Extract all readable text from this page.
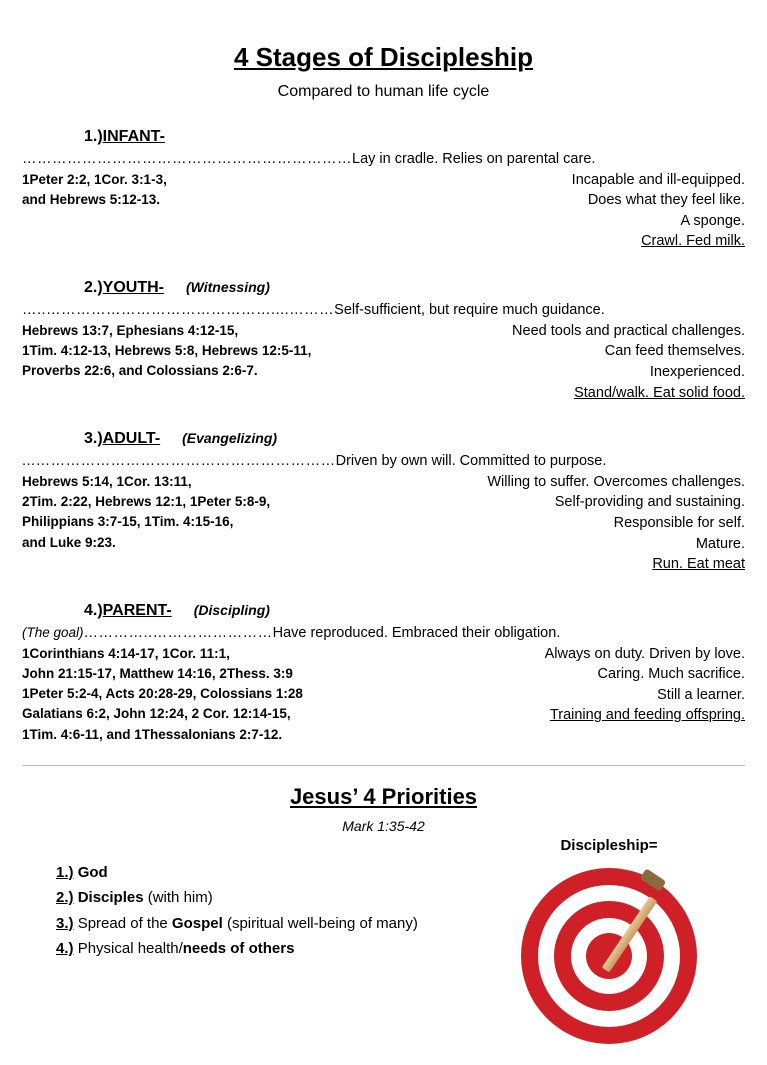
4 Stages of Discipleship
Compared to human life cycle
1.)INFANT-
…………………………………………………………Lay in cradle. Relies on parental care.
1Peter 2:2, 1Cor. 3:1-3,
and Hebrews 5:12-13.
Incapable and ill-equipped.
Does what they feel like.
A sponge.
Crawl. Fed milk.
2.)YOUTH- (Witnessing)
…..………………………………………....………Self-sufficient, but require much guidance.
Hebrews 13:7, Ephesians 4:12-15,
1Tim. 4:12-13, Hebrews 5:8, Hebrews 12:5-11,
Proverbs 22:6, and Colossians 2:6-7.
Need tools and practical challenges.
Can feed themselves.
Inexperienced.
Stand/walk. Eat solid food.
3.)ADULT- (Evangelizing)
...……………………………………………………Driven by own will. Committed to purpose.
Hebrews 5:14, 1Cor. 13:11,
2Tim. 2:22, Hebrews 12:1, 1Peter 5:8-9,
Philippians 3:7-15, 1Tim. 4:15-16,
and Luke 9:23.
Willing to suffer. Overcomes challenges.
Self-providing and sustaining.
Responsible for self.
Mature.
Run. Eat meat
4.)PARENT- (Discipling)
(The goal)…………..……………………Have reproduced. Embraced their obligation.
1Corinthians 4:14-17, 1Cor. 11:1,
John 21:15-17, Matthew 14:16, 2Thess. 3:9
1Peter 5:2-4, Acts 20:28-29, Colossians 1:28
Galatians 6:2, John 12:24, 2 Cor. 12:14-15,
1Tim. 4:6-11, and 1Thessalonians 2:7-12.
Always on duty. Driven by love.
Caring. Much sacrifice.
Still a learner.
Training and feeding offspring.
Jesus’ 4 Priorities
Mark 1:35-42
1.) God
2.) Disciples (with him)
3.) Spread of the Gospel (spiritual well-being of many)
4.) Physical health/needs of others
Discipleship=
